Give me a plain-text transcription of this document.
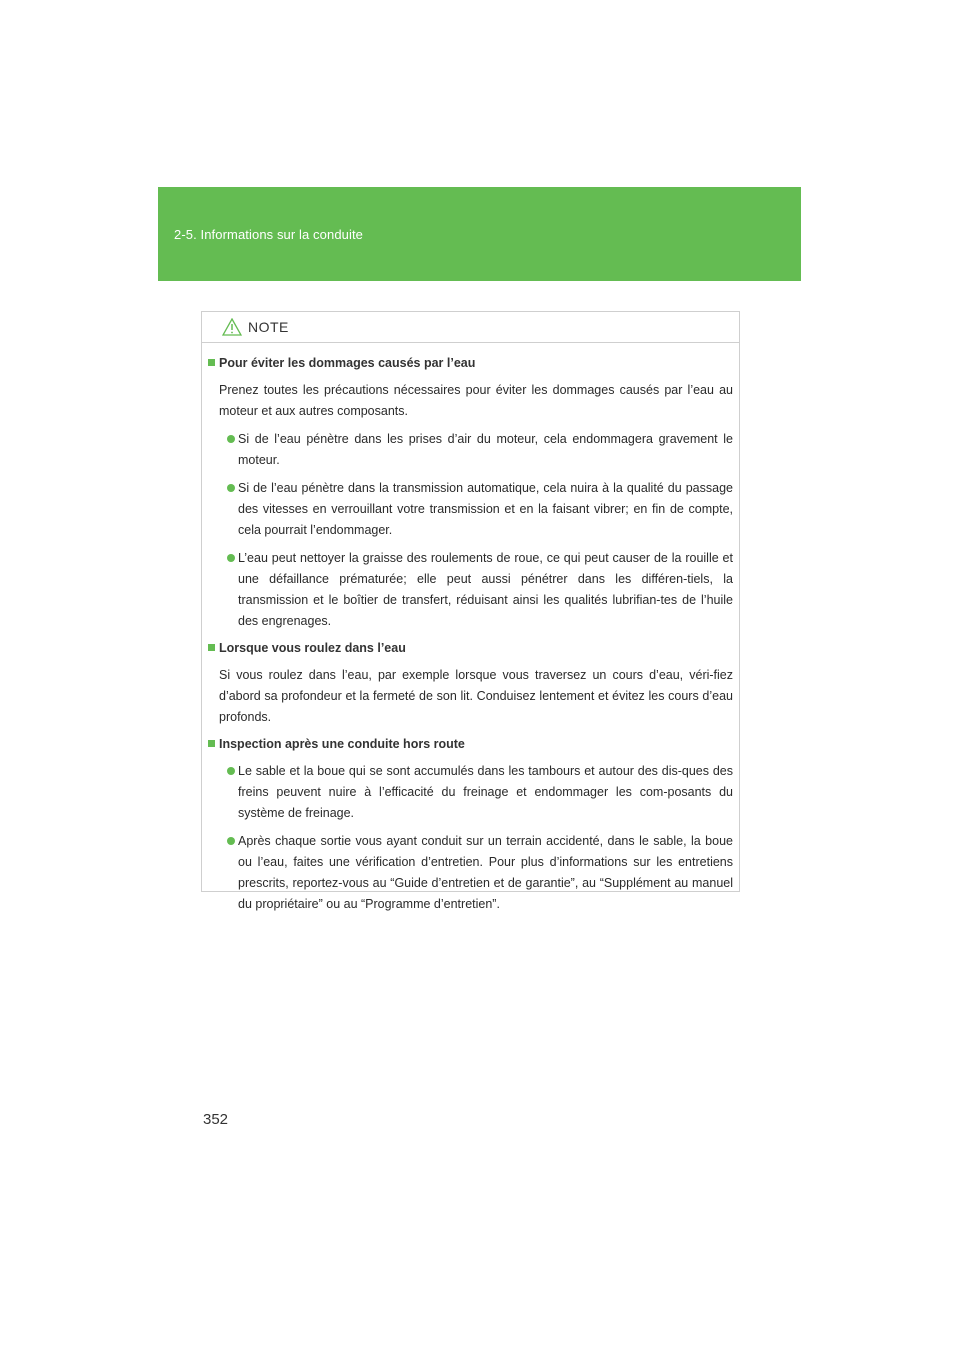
2-5. Informations sur la conduite
NOTE
Pour éviter les dommages causés par l’eau

Prenez toutes les précautions nécessaires pour éviter les dommages causés par l’eau au moteur et aux autres composants.

Si de l’eau pénètre dans les prises d’air du moteur, cela endommagera gravement le moteur.
Si de l’eau pénètre dans la transmission automatique, cela nuira à la qualité du passage des vitesses en verrouillant votre transmission et en la faisant vibrer; en fin de compte, cela pourrait l’endommager.
L’eau peut nettoyer la graisse des roulements de roue, ce qui peut causer de la rouille et une défaillance prématurée; elle peut aussi pénétrer dans les différen-tiels, la transmission et le boîtier de transfert, réduisant ainsi les qualités lubrifian-tes de l’huile des engrenages.
Lorsque vous roulez dans l’eau

Si vous roulez dans l’eau, par exemple lorsque vous traversez un cours d’eau, véri-fiez d’abord sa profondeur et la fermeté de son lit. Conduisez lentement et évitez les cours d’eau profonds.

Inspection après une conduite hors route
Le sable et la boue qui se sont accumulés dans les tambours et autour des dis-ques des freins peuvent nuire à l’efficacité du freinage et endommager les com-posants du système de freinage.
Après chaque sortie vous ayant conduit sur un terrain accidenté, dans le sable, la boue ou l’eau, faites une vérification d’entretien. Pour plus d’informations sur les entretiens prescrits, reportez-vous au “Guide d’entretien et de garantie”, au “Supplément au manuel du propriétaire” ou au “Programme d’entretien”.
352
